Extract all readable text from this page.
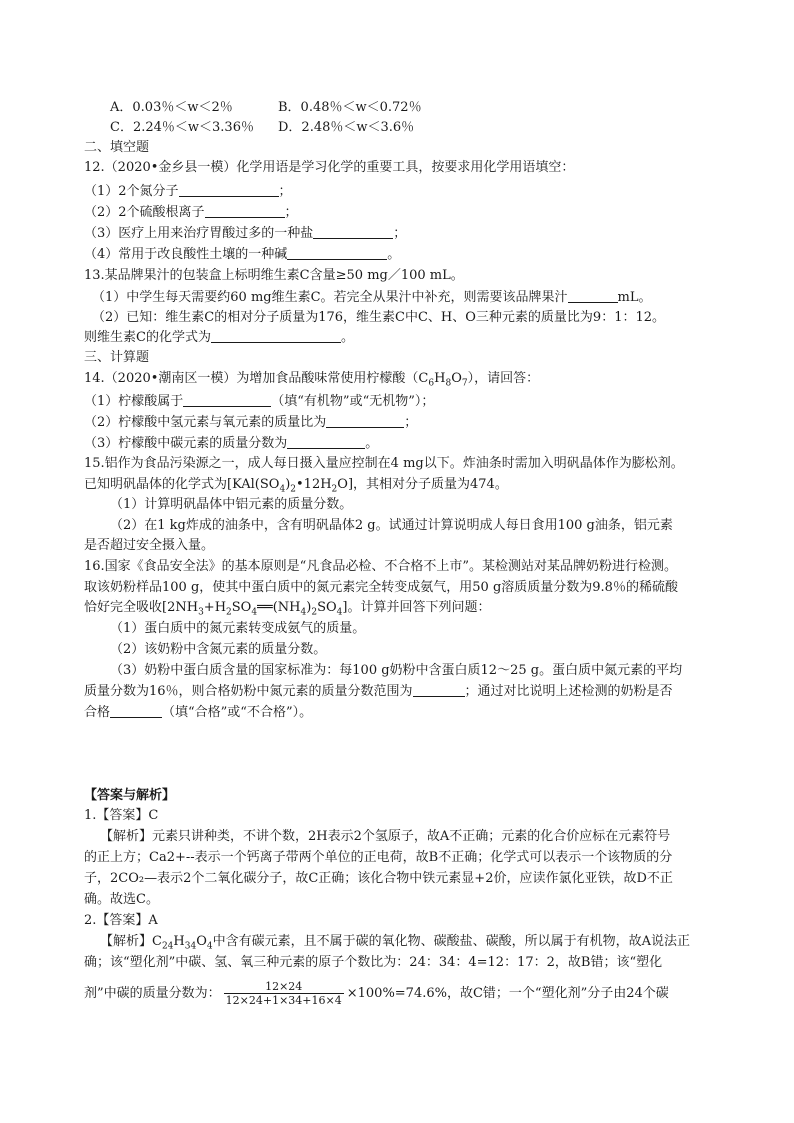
A．0.03％＜w＜2％	B．0.48％＜w＜0.72％
C．2.24％＜w＜3.36％ D．2.48％＜w＜3.6％
二、填空题
12.（2020•金乡县一模）化学用语是学习化学的重要工具，按要求用化学用语填空：
（1）2个氮分子	；
（2）2个硫酸根离子	；
（3）医疗上用来治疗胃酸过多的一种盐	；
（4）常用于改良酸性土壤的一种碱	。
13.某品牌果汁的包装盒上标明维生素C含量≥50 mg／100 mL。
（1）中学生每天需要约60 mg维生素C。若完全从果汁中补充，则需要该品牌果汁	mL。
（2）已知：维生素C的相对分子质量为176，维生素C中C、H、O三种元素的质量比为9：1：12。
则维生素C的化学式为	。
三、计算题
14.（2020•潮南区一模）为增加食品酸味常使用柠檬酸$(C_6H_8O_7)$，请回答：
（1）柠檬酸属于	（填“有机物”或“无机物”）；
（2）柠檬酸中氢元素与氧元素的质量比为	；
（3）柠檬酸中碳元素的质量分数为	。
15.铝作为食品污染源之一，成人每日摄入量应控制在4 mg以下。炸油条时需加入明矾晶体作为膨松剂。
已知明矾晶体的化学式为$[KAl(SO_4)_2•12H_2O]$，其相对分子质量为474。
（1）计算明矾晶体中铝元素的质量分数。
（2）在1 kg炸成的油条中，含有明矾晶体2 g。试通过计算说明成人每日食用100 g油条，铝元素
是否超过安全摄入量。
16.国家《食品安全法》的基本原则是“凡食品必检、不合格不上市”。某检测站对某品牌奶粉进行检测。
取该奶粉样品100 g，使其中蛋白质中的氮元素完全转变成氨气，用50 g溶质质量分数为9.8％的稀硫酸
恰好完全吸收$[2NH_3+H_2SO_4══(NH_4)_2SO_4]$。计算并回答下列问题：
（1）蛋白质中的氮元素转变成氨气的质量。
（2）该奶粉中含氮元素的质量分数。
（3）奶粉中蛋白质含量的国家标准为：每100 g奶粉中含蛋白质12～25 g。蛋白质中氮元素的平均
质量分数为16％，则合格奶粉中氮元素的质量分数范围为	；通过对比说明上述检测的奶粉是否
合格	（填“合格”或“不合格”）。
【答案与解析】
1.【答案】C
【解析】元素只讲种类，不讲个数，2H表示2个氢原子，故A不正确；元素的化合价应标在元素符号
的正上方；Ca2+--表示一个钙离子带两个单位的正电荷，故B不正确；化学式可以表示一个该物质的分
子，2CO₂—表示2个二氧化碳分子，故C正确；该化合物中铁元素显+2价，应读作氯化亚铁，故D不正
确。故选C。
2.【答案】A
【解析】$C_{24}H_{34}O_4$中含有碳元素，且不属于碳的氧化物、碳酸盐、碳酸，所以属于有机物，故A说法正
确；该“塑化剂”中碳、氢、氧三种元素的原子个数比为：24：34：4=12：17：2，故B错；该“塑化
剂”中碳的质量分数为： $\frac{12\times 24}{12\times 24+1\times 34+16\times 4} \times 100\%=74.6\%$，故C错；一个“塑化剂”分子由24个碳
